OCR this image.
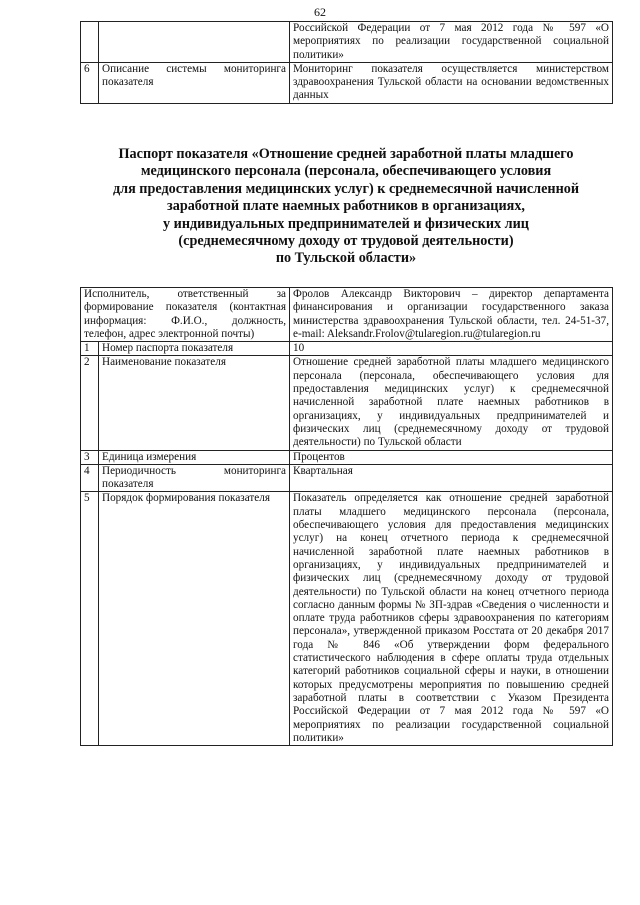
62
		Российской Федерации от 7 мая 2012 года № 597 «О мероприятиях по реализации государственной социальной политики»
6	Описание системы мониторинга показателя	Мониторинг показателя осуществляется министерством здравоохранения Тульской области на основании ведомственных данных
Паспорт показателя «Отношение средней заработной платы младшего
медицинского персонала (персонала, обеспечивающего условия
для предоставления медицинских услуг) к среднемесячной начисленной
заработной плате наемных работников в организациях,
у индивидуальных предпринимателей и физических лиц
(среднемесячному доходу от трудовой деятельности)
по Тульской области»
Исполнитель, ответственный за формирование показателя (контактная информация: Ф.И.О., должность, телефон, адрес электронной почты)		Фролов Александр Викторович – директор департамента финансирования и организации государственного заказа министерства здравоохранения Тульской области, тел. 24-51-37, e-mail: Aleksandr.Frolov@tularegion.ru@tularegion.ru
1	Номер паспорта показателя	10
2	Наименование показателя	Отношение средней заработной платы младшего медицинского персонала (персонала, обеспечивающего условия для предоставления медицинских услуг) к среднемесячной начисленной заработной плате наемных работников в организациях, у индивидуальных предпринимателей и физических лиц (среднемесячному доходу от трудовой деятельности) по Тульской области
3	Единица измерения	Процентов
4	Периодичность мониторинга показателя	Квартальная
5	Порядок формирования показателя	Показатель определяется как отношение средней заработной платы младшего медицинского персонала (персонала, обеспечивающего условия для предоставления медицинских услуг) на конец отчетного периода к среднемесячной начисленной заработной плате наемных работников в организациях, у индивидуальных предпринимателей и физических лиц (среднемесячному доходу от трудовой деятельности) по Тульской области на конец отчетного периода согласно данным формы № ЗП-здрав «Сведения о численности и оплате труда работников сферы здравоохранения по категориям персонала», утвержденной приказом Росстата от 20 декабря 2017 года № 846 «Об утверждении форм федерального статистического наблюдения в сфере оплаты труда отдельных категорий работников социальной сферы и науки, в отношении которых предусмотрены мероприятия по повышению средней заработной платы в соответствии с Указом Президента Российской Федерации от 7 мая 2012 года № 597 «О мероприятиях по реализации государственной социальной политики»
